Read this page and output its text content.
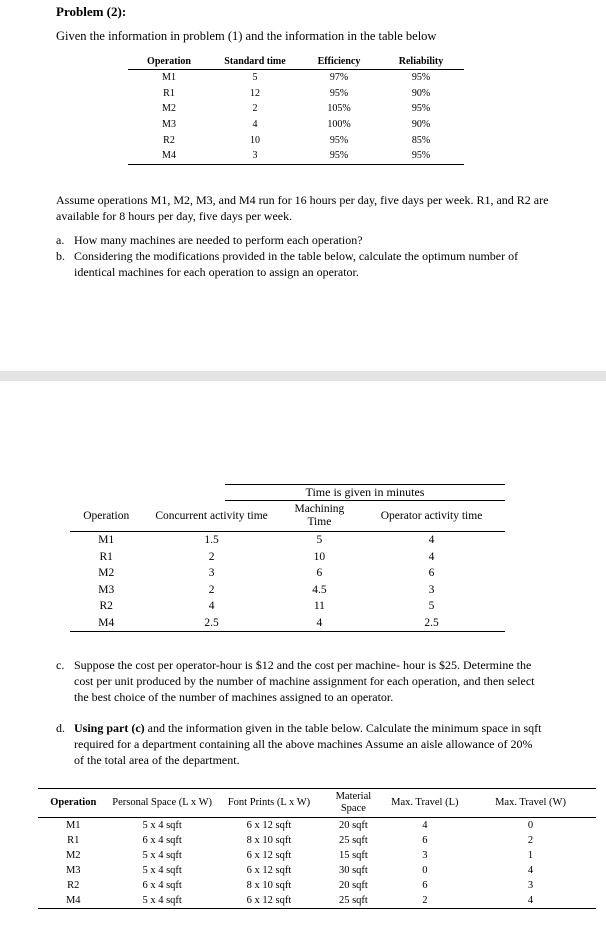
Problem (2):
Given the information in problem (1) and the information in the table below
Operation	Standard time	Efficiency	Reliability
M1	5	97%	95%
R1	12	95%	90%
M2	2	105%	95%
M3	4	100%	90%
R2	10	95%	85%
M4	3	95%	95%
Assume operations M1, M2, M3, and M4 run for 16 hours per day, five days per week. R1, and R2 are available for 8 hours per day, five days per week.
a. How many machines are needed to perform each operation?
b. Considering the modifications provided in the table below, calculate the optimum number of identical machines for each operation to assign an operator.
Time is given in minutes
Operation	Concurrent activity time	Machining Time	Operator activity time
M1	1.5	5	4
R1	2	10	4
M2	3	6	6
M3	2	4.5	3
R2	4	11	5
M4	2.5	4	2.5
c. Suppose the cost per operator-hour is $12 and the cost per machine- hour is $25. Determine the cost per unit produced by the number of machine assignment for each operation, and then select the best choice of the number of machines assigned to an operator.
d. Using part (c) and the information given in the table below. Calculate the minimum space in sqft required for a department containing all the above machines Assume an aisle allowance of 20% of the total area of the department.
Operation	Personal Space (L x W)	Font Prints (L x W)	Material Space	Max. Travel (L)	Max. Travel (W)
M1	5 x 4 sqft	6 x 12 sqft	20 sqft	4	0
R1	6 x 4 sqft	8 x 10 sqft	25 sqft	6	2
M2	5 x 4 sqft	6 x 12 sqft	15 sqft	3	1
M3	5 x 4 sqft	6 x 12 sqft	30 sqft	0	4
R2	6 x 4 sqft	8 x 10 sqft	20 sqft	6	3
M4	5 x 4 sqft	6 x 12 sqft	25 sqft	2	4
